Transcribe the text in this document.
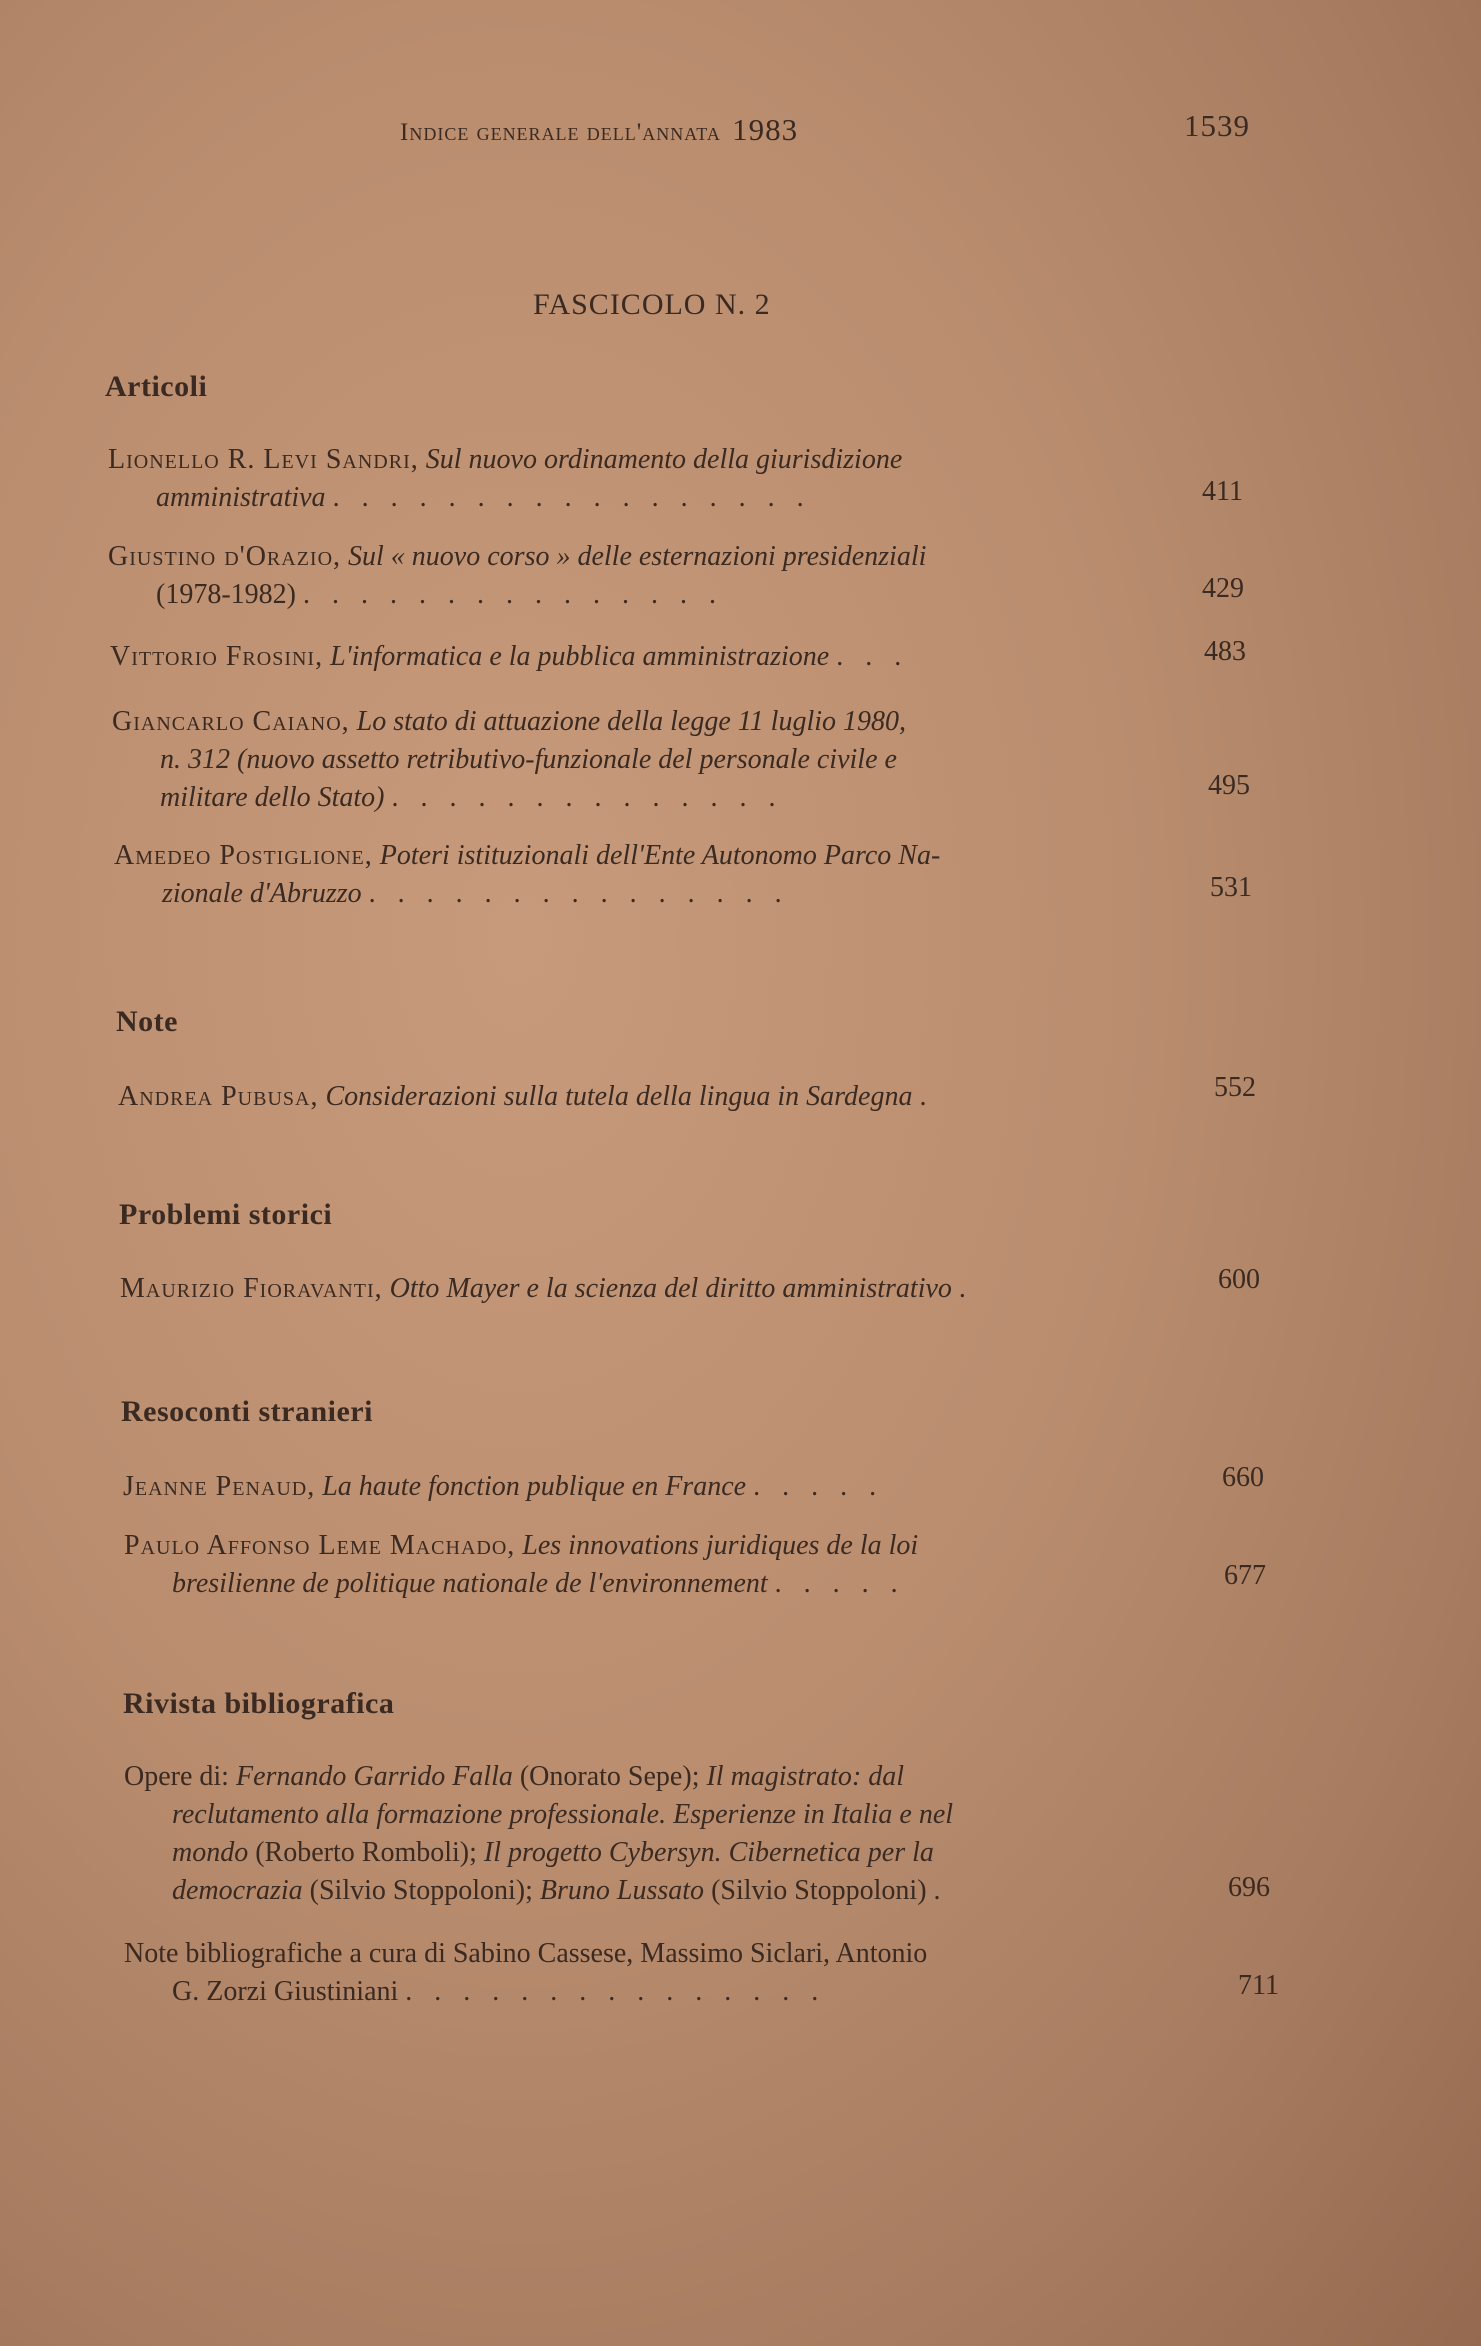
Indice generale dell'annata 1983	1539
FASCICOLO N. 2
Articoli
Lionello R. Levi Sandri, Sul nuovo ordinamento della giurisdizione
amministrativa .................	411
Giustino d'Orazio, Sul « nuovo corso » delle esternazioni presidenziali
(1978-1982) ...............	429
Vittorio Frosini, L'informatica e la pubblica amministrazione ...	483
Giancarlo Caiano, Lo stato di attuazione della legge 11 luglio 1980,
n. 312 (nuovo assetto retributivo-funzionale del personale civile e
militare dello Stato) ..............	495
Amedeo Postiglione, Poteri istituzionali dell'Ente Autonomo Parco Na-
zionale d'Abruzzo ...............	531
Note
Andrea Pubusa, Considerazioni sulla tutela della lingua in Sardegna .	552
Problemi storici
Maurizio Fioravanti, Otto Mayer e la scienza del diritto amministrativo .	600
Resoconti stranieri
Jeanne Penaud, La haute fonction publique en France .....	660
Paulo Affonso Leme Machado, Les innovations juridiques de la loi
bresilienne de politique nationale de l'environnement .....	677
Rivista bibliografica
Opere di: Fernando Garrido Falla (Onorato Sepe); Il magistrato: dal
reclutamento alla formazione professionale. Esperienze in Italia e nel
mondo (Roberto Romboli); Il progetto Cybersyn. Cibernetica per la
democrazia (Silvio Stoppoloni); Bruno Lussato (Silvio Stoppoloni) .	696
Note bibliografiche a cura di Sabino Cassese, Massimo Siclari, Antonio
G. Zorzi Giustiniani ...............	711
